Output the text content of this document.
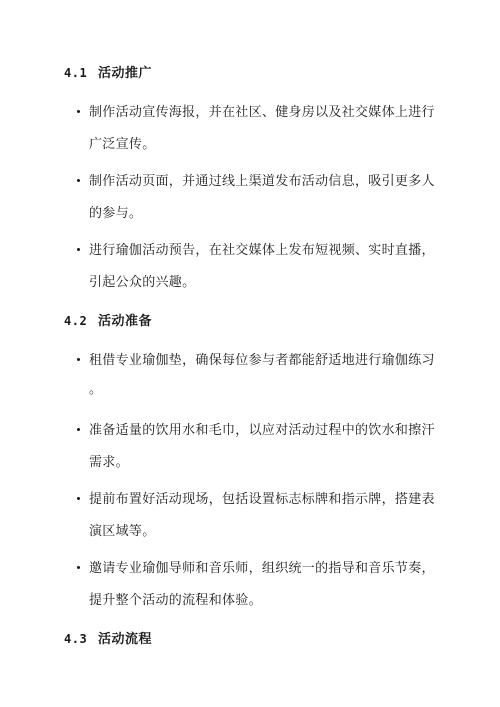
4.1 活动推广
制作活动宣传海报，并在社区、健身房以及社交媒体上进行
广泛宣传。
制作活动页面，并通过线上渠道发布活动信息，吸引更多人
的参与。
进行瑜伽活动预告，在社交媒体上发布短视频、实时直播，
引起公众的兴趣。
4.2 活动准备
租借专业瑜伽垫，确保每位参与者都能舒适地进行瑜伽练习
。
准备适量的饮用水和毛巾，以应对活动过程中的饮水和擦汗
需求。
提前布置好活动现场，包括设置标志标牌和指示牌，搭建表
演区域等。
邀请专业瑜伽导师和音乐师，组织统一的指导和音乐节奏，
提升整个活动的流程和体验。
4.3 活动流程
